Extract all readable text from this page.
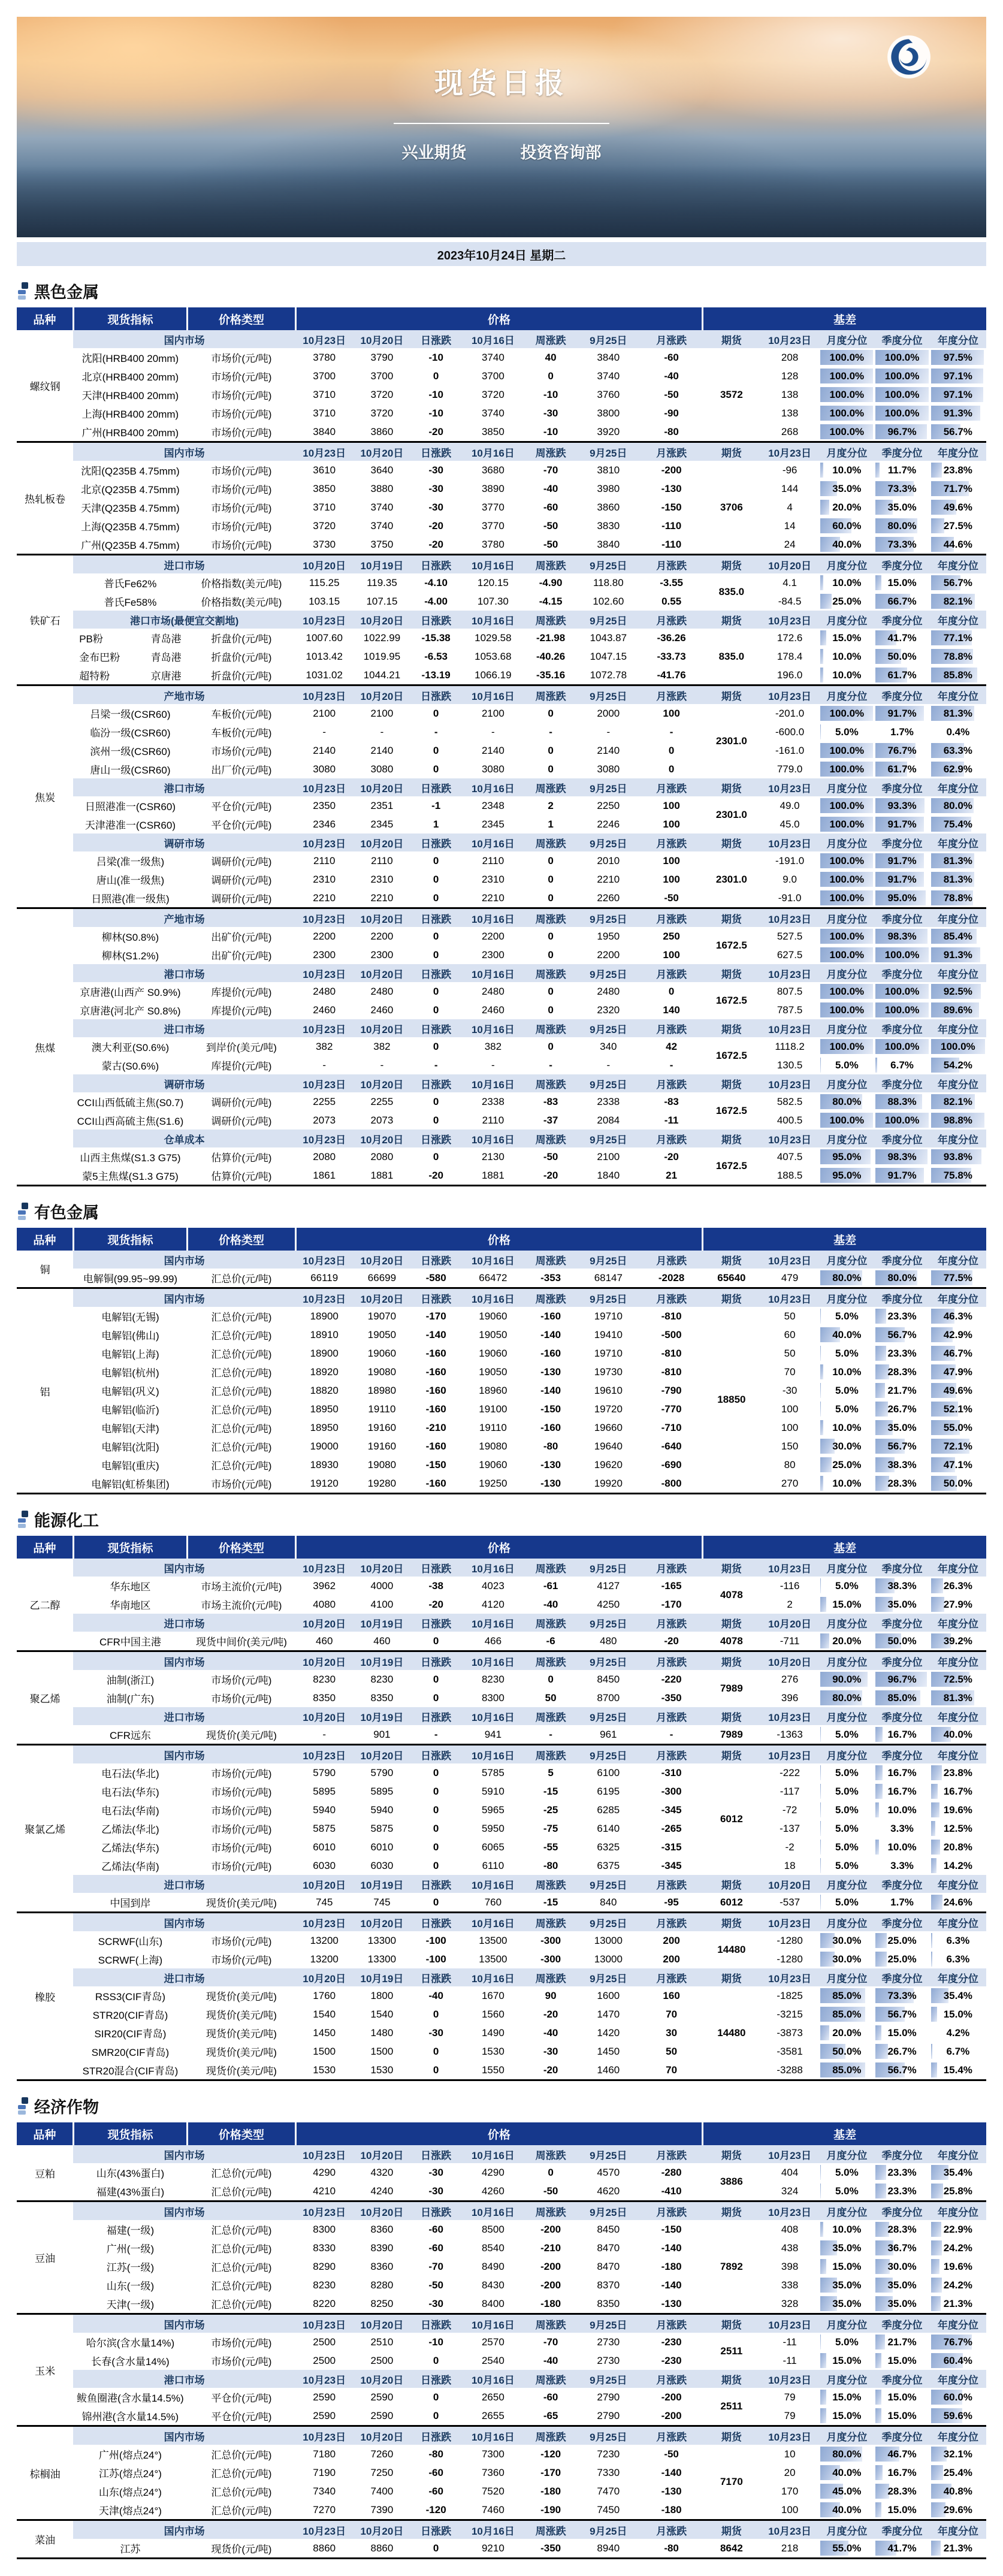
现货日报
兴业期货	投资咨询部
2023年10月24日 星期二
黑色金属
品种	现货指标	价格类型	价格							基差				
螺纹钢	国内市场		10月23日	10月20日	日涨跌	10月16日	周涨跌	9月25日	月涨跌	期货	10月23日	月度分位	季度分位	年度分位
	沈阳(HRB400 20mm)	市场价(元/吨)	3780	3790	-10	3740	40	3840	-60	3572	208	100.0%	100.0%	97.5%
	北京(HRB400 20mm)	市场价(元/吨)	3700	3700	0	3700	0	3740	-40		128	100.0%	100.0%	97.1%
	天津(HRB400 20mm)	市场价(元/吨)	3710	3720	-10	3720	-10	3760	-50		138	100.0%	100.0%	97.1%
	上海(HRB400 20mm)	市场价(元/吨)	3710	3720	-10	3740	-30	3800	-90		138	100.0%	100.0%	91.3%
	广州(HRB400 20mm)	市场价(元/吨)	3840	3860	-20	3850	-10	3920	-80		268	100.0%	96.7%	56.7%
热轧板卷	国内市场		10月23日	10月20日	日涨跌	10月16日	周涨跌	9月25日	月涨跌	期货	10月23日	月度分位	季度分位	年度分位
	沈阳(Q235B 4.75mm)	市场价(元/吨)	3610	3640	-30	3680	-70	3810	-200	3706	-96	10.0%	11.7%	23.8%
	北京(Q235B 4.75mm)	市场价(元/吨)	3850	3880	-30	3890	-40	3980	-130		144	35.0%	73.3%	71.7%
	天津(Q235B 4.75mm)	市场价(元/吨)	3710	3740	-30	3770	-60	3860	-150		4	20.0%	35.0%	49.6%
	上海(Q235B 4.75mm)	市场价(元/吨)	3720	3740	-20	3770	-50	3830	-110		14	60.0%	80.0%	27.5%
	广州(Q235B 4.75mm)	市场价(元/吨)	3730	3750	-20	3780	-50	3840	-110		24	40.0%	73.3%	44.6%
铁矿石	进口市场		10月20日	10月19日	日涨跌	10月16日	周涨跌	9月25日	月涨跌	期货	10月20日	月度分位	季度分位	年度分位
	普氏Fe62%	价格指数(美元/吨)	115.25	119.35	-4.10	120.15	-4.90	118.80	-3.55	835.0	4.1	10.0%	15.0%	56.7%
	普氏Fe58%	价格指数(美元/吨)	103.15	107.15	-4.00	107.30	-4.15	102.60	0.55		-84.5	25.0%	66.7%	82.1%
	港口市场(最便宜交割地)		10月23日	10月20日	日涨跌	10月16日	周涨跌	9月25日	月涨跌	期货	10月23日	月度分位	季度分位	年度分位

	PB粉 青岛港	折盘价(元/吨)	1007.60	1022.99	-15.38	1029.58	-21.98	1043.87	-36.26	835.0	172.6	15.0%	41.7%	77.1%

	金布巴粉 青岛港	折盘价(元/吨)	1013.42	1019.95	-6.53	1053.68	-40.26	1047.15	-33.73		178.4	10.0%	50.0%	78.8%

	超特粉 京唐港	折盘价(元/吨)	1031.02	1044.21	-13.19	1066.19	-35.16	1072.78	-41.76		196.0	10.0%	61.7%	85.8%
焦炭	产地市场		10月23日	10月20日	日涨跌	10月16日	周涨跌	9月25日	月涨跌	期货	10月23日	月度分位	季度分位	年度分位
	吕梁一级(CSR60)	车板价(元/吨)	2100	2100	0	2100	0	2000	100	2301.0	-201.0	100.0%	91.7%	81.3%
	临汾一级(CSR60)	车板价(元/吨)	-	-	-	-	-	-	-		-600.0	5.0%	1.7%	0.4%
	滨州一级(CSR60)	市场价(元/吨)	2140	2140	0	2140	0	2140	0		-161.0	100.0%	76.7%	63.3%
	唐山一级(CSR60)	出厂价(元/吨)	3080	3080	0	3080	0	3080	0		779.0	100.0%	61.7%	62.9%
	港口市场		10月23日	10月20日	日涨跌	10月16日	周涨跌	9月25日	月涨跌	期货	10月23日	月度分位	季度分位	年度分位
	日照港准一(CSR60)	平仓价(元/吨)	2350	2351	-1	2348	2	2250	100	2301.0	49.0	100.0%	93.3%	80.0%
	天津港准一(CSR60)	平仓价(元/吨)	2346	2345	1	2345	1	2246	100		45.0	100.0%	91.7%	75.4%
	调研市场		10月23日	10月20日	日涨跌	10月16日	周涨跌	9月25日	月涨跌	期货	10月23日	月度分位	季度分位	年度分位
	吕梁(准一级焦)	调研价(元/吨)	2110	2110	0	2110	0	2010	100	2301.0	-191.0	100.0%	91.7%	81.3%
	唐山(准一级焦)	调研价(元/吨)	2310	2310	0	2310	0	2210	100		9.0	100.0%	91.7%	81.3%
	日照港(准一级焦)	调研价(元/吨)	2210	2210	0	2210	0	2260	-50		-91.0	100.0%	95.0%	78.8%
焦煤	产地市场		10月23日	10月20日	日涨跌	10月16日	周涨跌	9月25日	月涨跌	期货	10月23日	月度分位	季度分位	年度分位
	柳林(S0.8%)	出矿价(元/吨)	2200	2200	0	2200	0	1950	250	1672.5	527.5	100.0%	98.3%	85.4%
	柳林(S1.2%)	出矿价(元/吨)	2300	2300	0	2300	0	2200	100		627.5	100.0%	100.0%	91.3%
	港口市场		10月23日	10月20日	日涨跌	10月16日	周涨跌	9月25日	月涨跌	期货	10月23日	月度分位	季度分位	年度分位
	京唐港(山西产 S0.9%)	库提价(元/吨)	2480	2480	0	2480	0	2480	0	1672.5	807.5	100.0%	100.0%	92.5%
	京唐港(河北产 S0.8%)	库提价(元/吨)	2460	2460	0	2460	0	2320	140		787.5	100.0%	100.0%	89.6%
	进口市场		10月23日	10月20日	日涨跌	10月16日	周涨跌	9月25日	月涨跌	期货	10月23日	月度分位	季度分位	年度分位
	澳大利亚(S0.6%)	到岸价(美元/吨)	382	382	0	382	0	340	42	1672.5	1118.2	100.0%	100.0%	100.0%
	蒙古(S0.6%)	库提价(元/吨)	-	-	-	-	-	-	-		130.5	5.0%	6.7%	54.2%
	调研市场		10月23日	10月20日	日涨跌	10月16日	周涨跌	9月25日	月涨跌	期货	10月23日	月度分位	季度分位	年度分位
	CCI山西低硫主焦(S0.7)	调研价(元/吨)	2255	2255	0	2338	-83	2338	-83	1672.5	582.5	80.0%	88.3%	82.1%
	CCI山西高硫主焦(S1.6)	调研价(元/吨)	2073	2073	0	2110	-37	2084	-11		400.5	100.0%	100.0%	98.8%
	仓单成本		10月23日	10月20日	日涨跌	10月16日	周涨跌	9月25日	月涨跌	期货	10月23日	月度分位	季度分位	年度分位
	山西主焦煤(S1.3 G75)	估算价(元/吨)	2080	2080	0	2130	-50	2100	-20	1672.5	407.5	95.0%	98.3%	93.8%
	蒙5主焦煤(S1.3 G75)	估算价(元/吨)	1861	1881	-20	1881	-20	1840	21		188.5	95.0%	91.7%	75.8%
有色金属
品种	现货指标	价格类型	价格							基差				
铜	国内市场		10月23日	10月20日	日涨跌	10月16日	周涨跌	9月25日	月涨跌	期货	10月23日	月度分位	季度分位	年度分位
	电解铜(99.95~99.99)	汇总价(元/吨)	66119	66699	-580	66472	-353	68147	-2028	65640	479	80.0%	80.0%	77.5%
铝	国内市场		10月23日	10月20日	日涨跌	10月16日	周涨跌	9月25日	月涨跌	期货	10月23日	月度分位	季度分位	年度分位
	电解铝(无锡)	汇总价(元/吨)	18900	19070	-170	19060	-160	19710	-810	18850	50	5.0%	23.3%	46.3%
	电解铝(佛山)	汇总价(元/吨)	18910	19050	-140	19050	-140	19410	-500		60	40.0%	56.7%	42.9%
	电解铝(上海)	汇总价(元/吨)	18900	19060	-160	19060	-160	19710	-810		50	5.0%	23.3%	46.7%
	电解铝(杭州)	汇总价(元/吨)	18920	19080	-160	19050	-130	19730	-810		70	10.0%	28.3%	47.9%
	电解铝(巩义)	汇总价(元/吨)	18820	18980	-160	18960	-140	19610	-790		-30	5.0%	21.7%	49.6%
	电解铝(临沂)	汇总价(元/吨)	18950	19110	-160	19100	-150	19720	-770		100	5.0%	26.7%	52.1%
	电解铝(天津)	汇总价(元/吨)	18950	19160	-210	19110	-160	19660	-710		100	10.0%	35.0%	55.0%
	电解铝(沈阳)	汇总价(元/吨)	19000	19160	-160	19080	-80	19640	-640		150	30.0%	56.7%	72.1%
	电解铝(重庆)	汇总价(元/吨)	18930	19080	-150	19060	-130	19620	-690		80	25.0%	38.3%	47.1%
	电解铝(虹桥集团)	市场价(元/吨)	19120	19280	-160	19250	-130	19920	-800		270	10.0%	28.3%	50.0%
能源化工
品种	现货指标	价格类型	价格							基差				
乙二醇	国内市场		10月23日	10月20日	日涨跌	10月16日	周涨跌	9月25日	月涨跌	期货	10月23日	月度分位	季度分位	年度分位
	华东地区	市场主流价(元/吨)	3962	4000	-38	4023	-61	4127	-165	4078	-116	5.0%	38.3%	26.3%
	华南地区	市场主流价(元/吨)	4080	4100	-20	4120	-40	4250	-170		2	15.0%	35.0%	27.9%
	进口市场		10月20日	10月19日	日涨跌	10月16日	周涨跌	9月25日	月涨跌	期货	10月20日	月度分位	季度分位	年度分位
	CFR中国主港	现货中间价(美元/吨)	460	460	0	466	-6	480	-20	4078	-711	20.0%	50.0%	39.2%
聚乙烯	国内市场		10月20日	10月19日	日涨跌	10月16日	周涨跌	9月25日	月涨跌	期货	10月20日	月度分位	季度分位	年度分位
	油制(浙江)	市场价(元/吨)	8230	8230	0	8230	0	8450	-220	7989	276	90.0%	96.7%	72.5%
	油制(广东)	市场价(元/吨)	8350	8350	0	8300	50	8700	-350		396	80.0%	85.0%	81.3%
	进口市场		10月20日	10月19日	日涨跌	10月16日	周涨跌	9月25日	月涨跌	期货	10月23日	月度分位	季度分位	年度分位
	CFR远东	现货价(美元/吨)	-	901	-	941	-	961	-	7989	-1363	5.0%	16.7%	40.0%
聚氯乙烯	国内市场		10月23日	10月20日	日涨跌	10月16日	周涨跌	9月25日	月涨跌	期货	10月23日	月度分位	季度分位	年度分位
	电石法(华北)	市场价(元/吨)	5790	5790	0	5785	5	6100	-310	6012	-222	5.0%	16.7%	23.8%
	电石法(华东)	市场价(元/吨)	5895	5895	0	5910	-15	6195	-300		-117	5.0%	16.7%	16.7%
	电石法(华南)	市场价(元/吨)	5940	5940	0	5965	-25	6285	-345		-72	5.0%	10.0%	19.6%
	乙烯法(华北)	市场价(元/吨)	5875	5875	0	5950	-75	6140	-265		-137	5.0%	3.3%	12.5%
	乙烯法(华东)	市场价(元/吨)	6010	6010	0	6065	-55	6325	-315		-2	5.0%	10.0%	20.8%
	乙烯法(华南)	市场价(元/吨)	6030	6030	0	6110	-80	6375	-345		18	5.0%	3.3%	14.2%
	进口市场		10月20日	10月19日	日涨跌	10月16日	周涨跌	9月25日	月涨跌	期货	10月20日	月度分位	季度分位	年度分位
	中国到岸	现货价(美元/吨)	745	745	0	760	-15	840	-95	6012	-537	5.0%	1.7%	24.6%
橡胶	国内市场		10月23日	10月20日	日涨跌	10月16日	周涨跌	9月25日	月涨跌	期货	10月23日	月度分位	季度分位	年度分位
	SCRWF(山东)	市场价(元/吨)	13200	13300	-100	13500	-300	13000	200	14480	-1280	30.0%	25.0%	6.3%
	SCRWF(上海)	市场价(元/吨)	13200	13300	-100	13500	-300	13000	200		-1280	30.0%	25.0%	6.3%
	进口市场		10月20日	10月19日	日涨跌	10月16日	周涨跌	9月25日	月涨跌	期货	10月23日	月度分位	季度分位	年度分位
	RSS3(CIF青岛)	现货价(美元/吨)	1760	1800	-40	1670	90	1600	160	14480	-1825	85.0%	73.3%	35.4%
	STR20(CIF青岛)	现货价(美元/吨)	1540	1540	0	1560	-20	1470	70		-3215	85.0%	56.7%	15.0%
	SIR20(CIF青岛)	现货价(美元/吨)	1450	1480	-30	1490	-40	1420	30		-3873	20.0%	15.0%	4.2%
	SMR20(CIF青岛)	现货价(美元/吨)	1500	1500	0	1530	-30	1450	50		-3581	50.0%	26.7%	6.7%
	STR20混合(CIF青岛)	现货价(美元/吨)	1530	1530	0	1550	-20	1460	70		-3288	85.0%	56.7%	15.4%
经济作物
品种	现货指标	价格类型	价格							基差				
豆粕	国内市场		10月23日	10月20日	日涨跌	10月16日	周涨跌	9月25日	月涨跌	期货	10月23日	月度分位	季度分位	年度分位
	山东(43%蛋白)	汇总价(元/吨)	4290	4320	-30	4290	0	4570	-280	3886	404	5.0%	23.3%	35.4%
	福建(43%蛋白)	汇总价(元/吨)	4210	4240	-30	4260	-50	4620	-410		324	5.0%	23.3%	25.8%
豆油	国内市场		10月23日	10月20日	日涨跌	10月16日	周涨跌	9月25日	月涨跌	期货	10月23日	月度分位	季度分位	年度分位
	福建(一级)	汇总价(元/吨)	8300	8360	-60	8500	-200	8450	-150	7892	408	10.0%	28.3%	22.9%
	广州(一级)	汇总价(元/吨)	8330	8390	-60	8540	-210	8470	-140		438	35.0%	36.7%	24.2%
	江苏(一级)	汇总价(元/吨)	8290	8360	-70	8490	-200	8470	-180		398	15.0%	30.0%	19.6%
	山东(一级)	汇总价(元/吨)	8230	8280	-50	8430	-200	8370	-140		338	35.0%	35.0%	24.2%
	天津(一级)	汇总价(元/吨)	8220	8250	-30	8400	-180	8350	-130		328	35.0%	35.0%	21.3%
玉米	国内市场		10月23日	10月20日	日涨跌	10月16日	周涨跌	9月25日	月涨跌	期货	10月23日	月度分位	季度分位	年度分位
	哈尔滨(含水量14%)	市场价(元/吨)	2500	2510	-10	2570	-70	2730	-230	2511	-11	5.0%	21.7%	76.7%
	长春(含水量14%)	市场价(元/吨)	2500	2500	0	2540	-40	2730	-230		-11	15.0%	15.0%	60.4%
	港口市场		10月23日	10月20日	日涨跌	10月16日	周涨跌	9月25日	月涨跌	期货	10月23日	月度分位	季度分位	年度分位
	鲅鱼圈港(含水量14.5%)	平仓价(元/吨)	2590	2590	0	2650	-60	2790	-200	2511	79	15.0%	15.0%	60.0%
	锦州港(含水量14.5%)	平仓价(元/吨)	2590	2590	0	2655	-65	2790	-200		79	15.0%	15.0%	59.6%
棕榈油	国内市场		10月23日	10月20日	日涨跌	10月16日	周涨跌	9月25日	月涨跌	期货	10月23日	月度分位	季度分位	年度分位
	广州(熔点24°)	汇总价(元/吨)	7180	7260	-80	7300	-120	7230	-50	7170	10	80.0%	46.7%	32.1%
	江苏(熔点24°)	汇总价(元/吨)	7190	7250	-60	7360	-170	7330	-140		20	40.0%	16.7%	25.4%
	山东(熔点24°)	汇总价(元/吨)	7340	7400	-60	7520	-180	7470	-130		170	45.0%	28.3%	40.8%
	天津(熔点24°)	汇总价(元/吨)	7270	7390	-120	7460	-190	7450	-180		100	40.0%	15.0%	29.6%
菜油	国内市场		10月23日	10月20日	日涨跌	10月16日	周涨跌	9月25日	月涨跌	期货	10月23日	月度分位	季度分位	年度分位
	江苏	现货价(元/吨)	8860	8860	0	9210	-350	8940	-80	8642	218	55.0%	41.7%	21.3%
